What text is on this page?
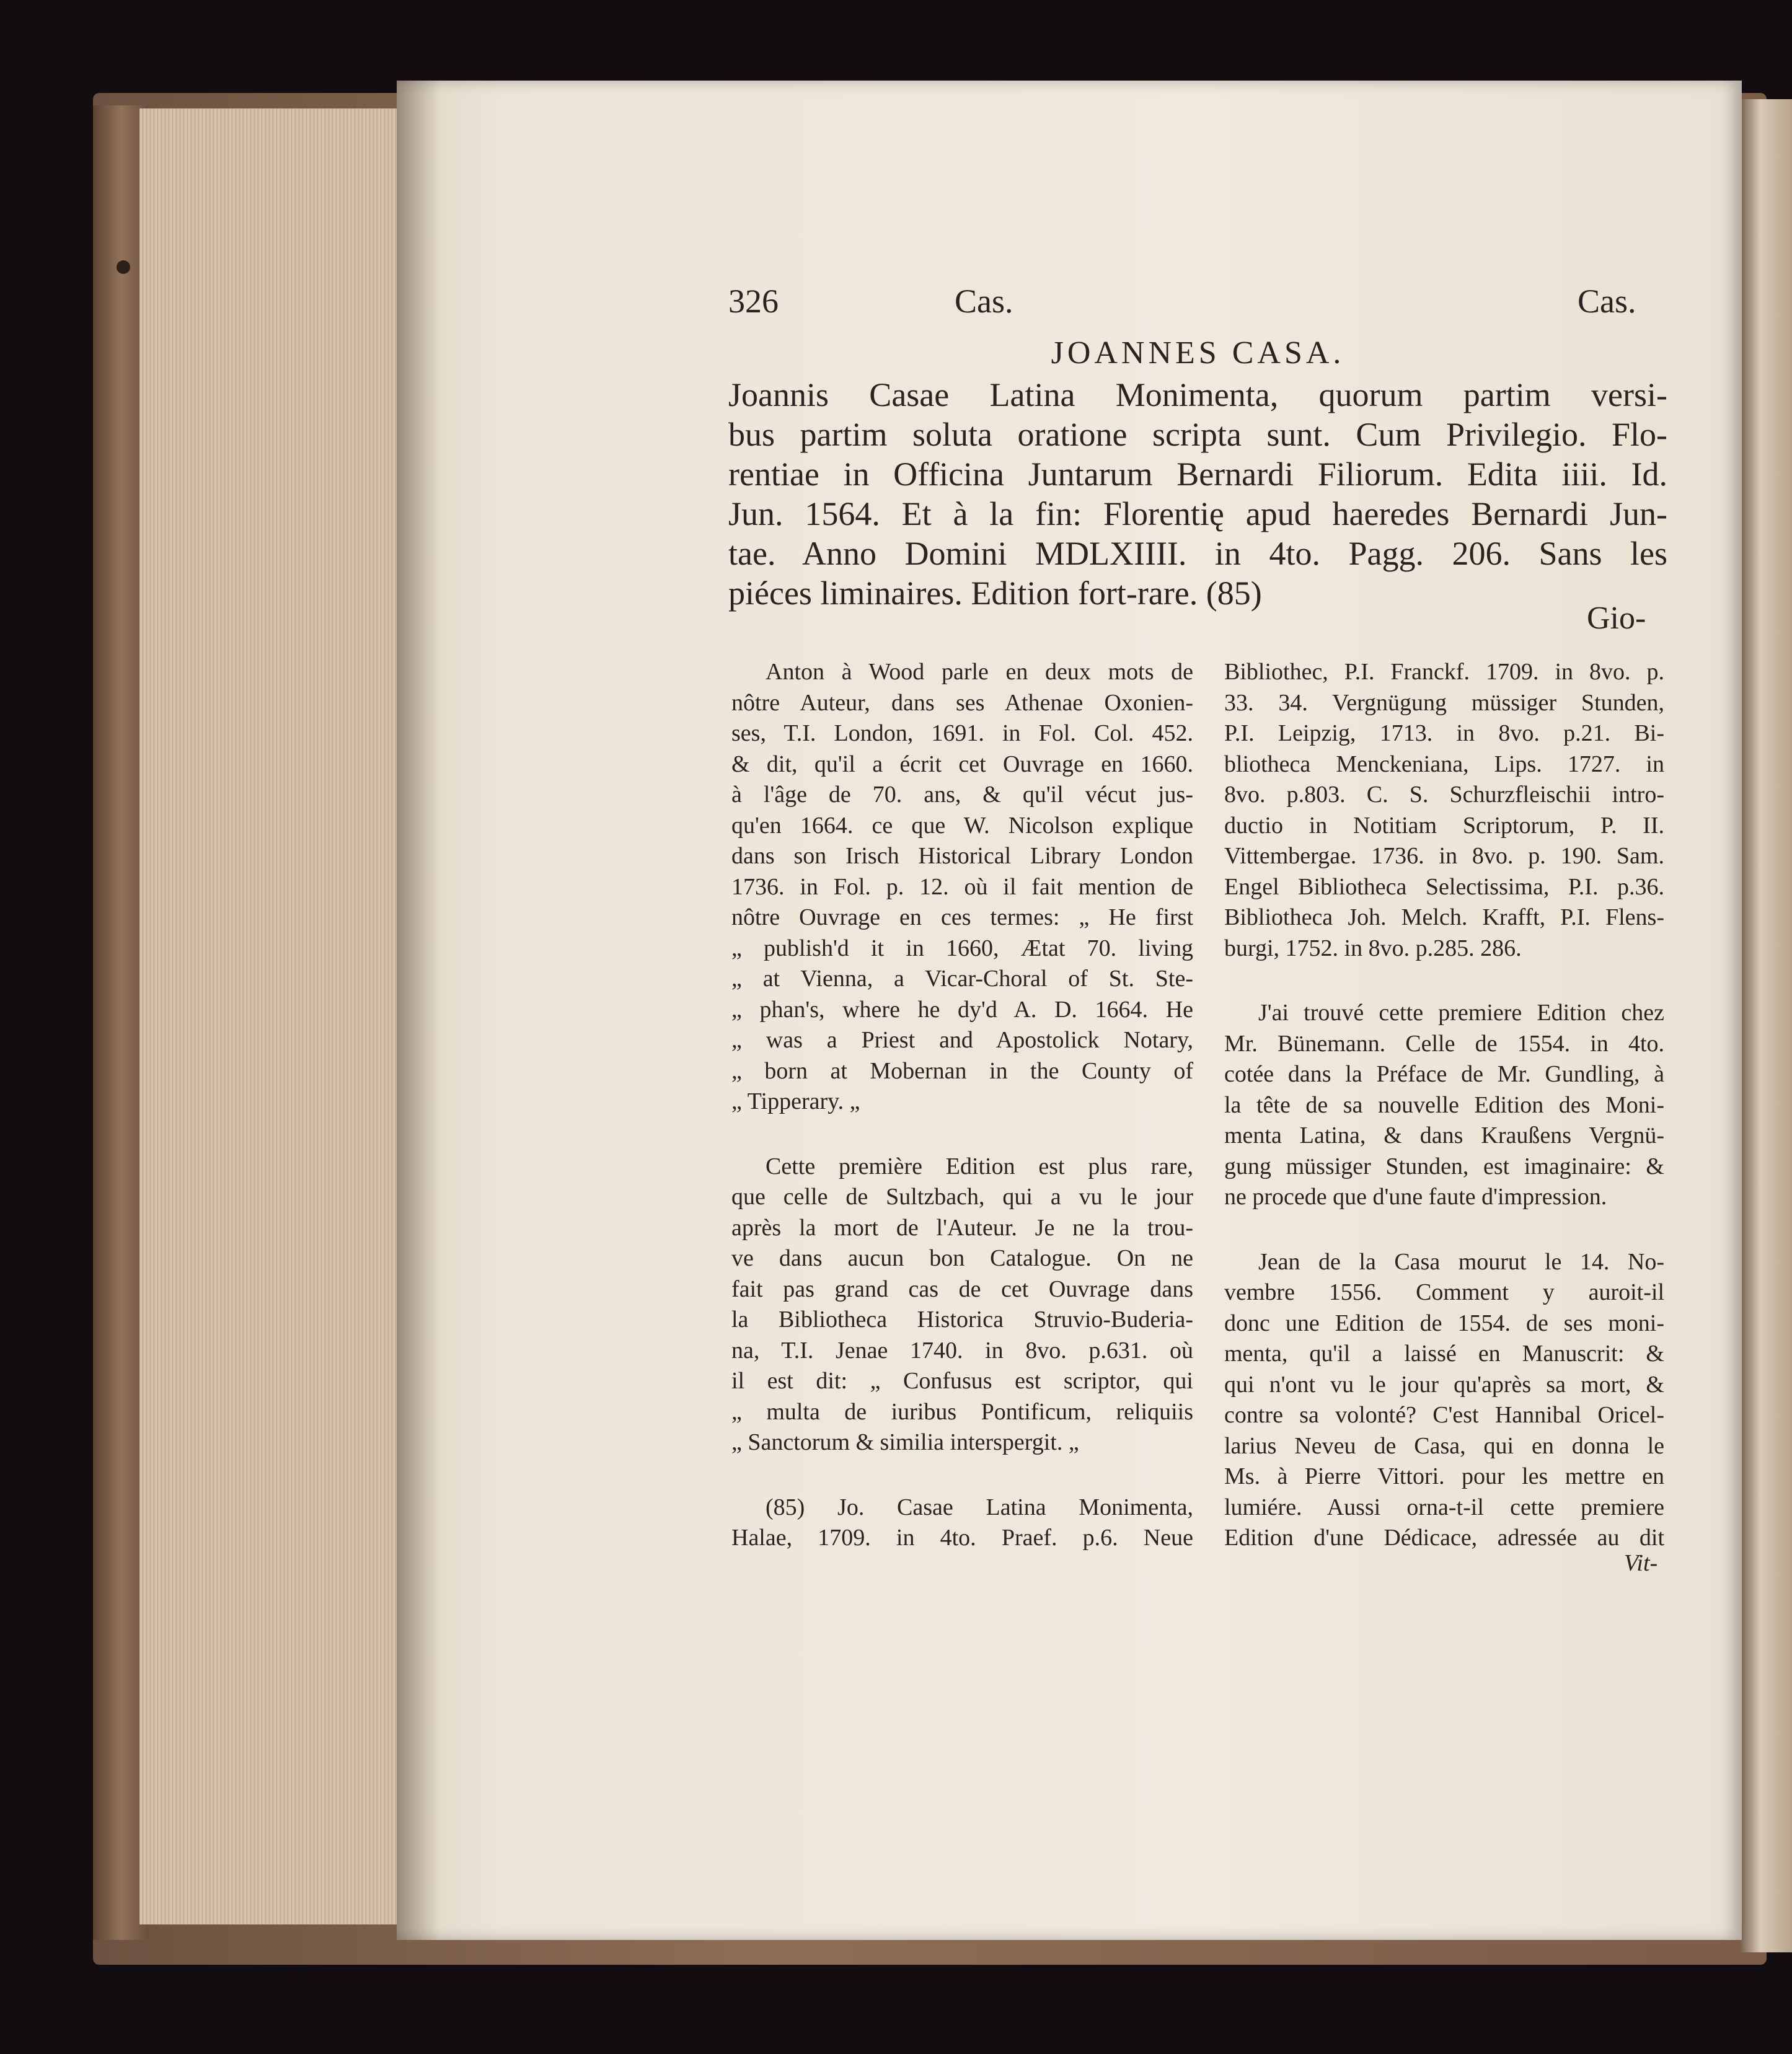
326	Cas.	Cas.
JOANNES CASA.
Joannis Casae Latina Monimenta, quorum partim versi-
bus partim soluta oratione scripta sunt. Cum Privilegio. Flo-
rentiae in Officina Juntarum Bernardi Filiorum. Edita iiii. Id.
Jun. 1564. Et à la fin: Florentię apud haeredes Bernardi Jun-
tae. Anno Domini MDLXIIII. in 4to. Pagg. 206. Sans les
piéces liminaires. Edition fort-rare. (85)
Gio-
Anton à Wood parle en deux mots de
nôtre Auteur, dans ses Athenae Oxonien-
ses, T.I. London, 1691. in Fol. Col. 452.
& dit, qu'il a écrit cet Ouvrage en 1660.
à l'âge de 70. ans, & qu'il vécut jus-
qu'en 1664. ce que W. Nicolson explique
dans son Irisch Historical Library London
1736. in Fol. p. 12. où il fait mention de
nôtre Ouvrage en ces termes: „ He first
„ publish'd it in 1660, Ætat 70. living
„ at Vienna, a Vicar-Choral of St. Ste-
„ phan's, where he dy'd A. D. 1664. He
„ was a Priest and Apostolick Notary,
„ born at Mobernan in the County of
„ Tipperary. „
Cette première Edition est plus rare,
que celle de Sultzbach, qui a vu le jour
après la mort de l'Auteur. Je ne la trou-
ve dans aucun bon Catalogue. On ne
fait pas grand cas de cet Ouvrage dans
la Bibliotheca Historica Struvio-Buderia-
na, T.I. Jenae 1740. in 8vo. p.631. où
il est dit: „ Confusus est scriptor, qui
„ multa de iuribus Pontificum, reliquiis
„ Sanctorum & similia interspergit. „
(85) Jo. Casae Latina Monimenta,
Halae, 1709. in 4to. Praef. p.6. Neue
Bibliothec, P.I. Franckf. 1709. in 8vo. p.
33. 34. Vergnügung müssiger Stunden,
P.I. Leipzig, 1713. in 8vo. p.21. Bi-
bliotheca Menckeniana, Lips. 1727. in
8vo. p.803. C. S. Schurzfleischii intro-
ductio in Notitiam Scriptorum, P. II.
Vittembergae. 1736. in 8vo. p. 190. Sam.
Engel Bibliotheca Selectissima, P.I. p.36.
Bibliotheca Joh. Melch. Krafft, P.I. Flens-
burgi, 1752. in 8vo. p.285. 286.
J'ai trouvé cette premiere Edition chez
Mr. Bünemann. Celle de 1554. in 4to.
cotée dans la Préface de Mr. Gundling, à
la tête de sa nouvelle Edition des Moni-
menta Latina, & dans Kraußens Vergnü-
gung müssiger Stunden, est imaginaire: &
ne procede que d'une faute d'impression.
Jean de la Casa mourut le 14. No-
vembre 1556. Comment y auroit-il
donc une Edition de 1554. de ses moni-
menta, qu'il a laissé en Manuscrit: &
qui n'ont vu le jour qu'après sa mort, &
contre sa volonté? C'est Hannibal Oricel-
larius Neveu de Casa, qui en donna le
Ms. à Pierre Vittori. pour les mettre en
lumiére. Aussi orna-t-il cette premiere
Edition d'une Dédicace, adressée au dit
Vit-
